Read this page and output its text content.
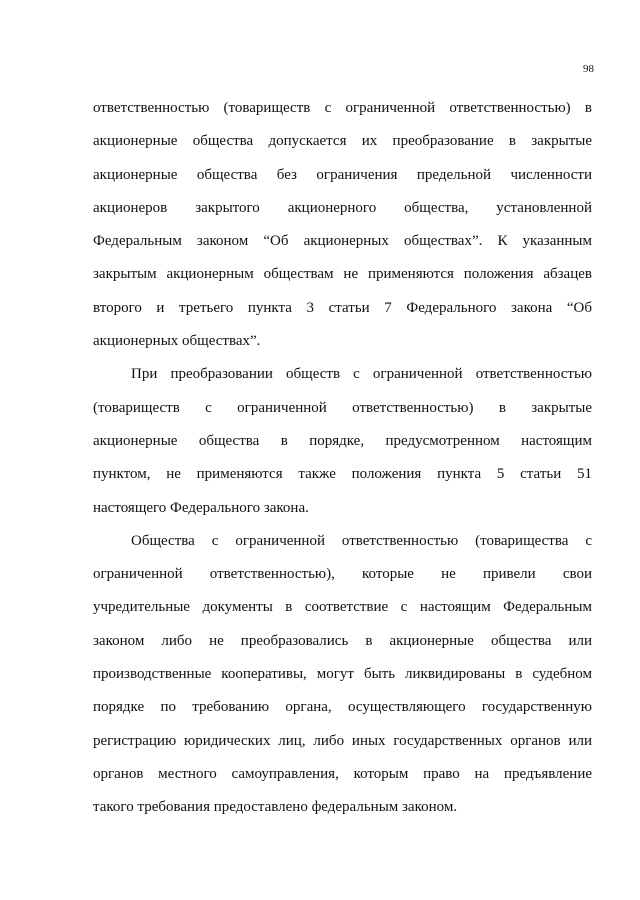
98
ответственностью (товариществ с ограниченной ответственностью) в
акционерные общества допускается их преобразование в закрытые
акционерные общества без ограничения предельной численности
акционеров закрытого акционерного общества, установленной
Федеральным законом “Об акционерных обществах”. К указанным
закрытым акционерным обществам не применяются положения абзацев
второго и третьего пункта 3 статьи 7 Федерального закона “Об
акционерных обществах”.
При преобразовании обществ с ограниченной ответственностью
(товариществ с ограниченной ответственностью) в закрытые
акционерные общества в порядке, предусмотренном настоящим
пунктом, не применяются также положения пункта 5 статьи 51
настоящего Федерального закона.
Общества с ограниченной ответственностью (товарищества с
ограниченной ответственностью), которые не привели свои
учредительные документы в соответствие с настоящим Федеральным
законом либо не преобразовались в акционерные общества или
производственные кооперативы, могут быть ликвидированы в судебном
порядке по требованию органа, осуществляющего государственную
регистрацию юридических лиц, либо иных государственных органов или
органов местного самоуправления, которым право на предъявление
такого требования предоставлено федеральным законом.
